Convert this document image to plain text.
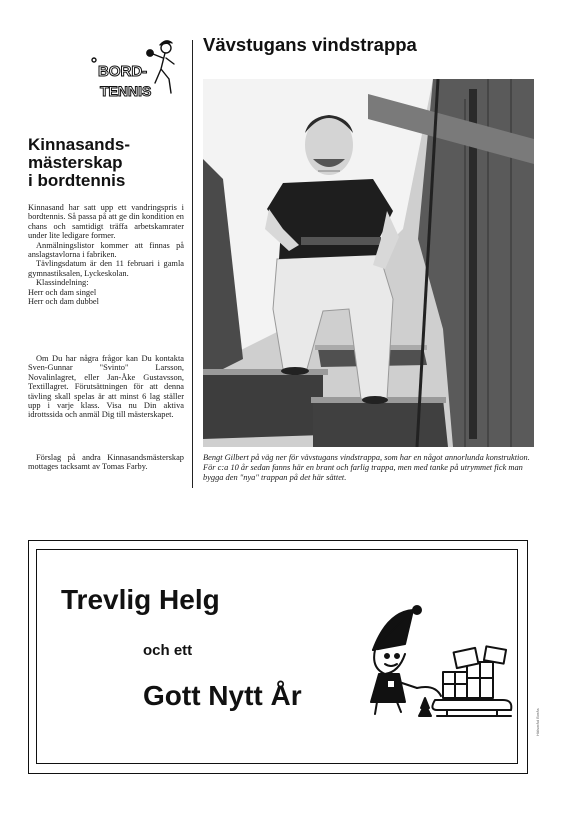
BORD-
TENNIS
Kinnasands-
mästerskap
i bordtennis

Kinnasand har satt upp ett vandringspris i bordtennis. Så passa på att ge din kondition en chans och samtidigt träffa arbetskamrater under lite ledigare former.

Anmälningslistor kommer att finnas på anslagstavlorna i fabriken.

Tävlingsdatum är den 11 februari i gamla gymnastiksalen, Lyckeskolan.

Klassindelning:

Herr och dam singel

Herr och dam dubbel

Om Du har några frågor kan Du kontakta Sven-Gunnar "Svinto" Larsson, Novalinlagret, eller Jan-Åke Gustavsson, Textillagret. Förutsättningen för att denna tävling skall spelas är att minst 6 lag ställer upp i varje klass. Visa nu Din aktiva idrottssida och anmäl Dig till mästerskapet.

Förslag på andra Kinnasandsmästerskap mottages tacksamt av Tomas Farby.

Vävstugans vindstrappa

Bengt Gilbert på väg ner för vävstugans vindstrappa, som har en något annorlunda konstruktion. För c:a 10 år sedan fanns här en brant och farlig trappa, men med tanke på utrymmet fick man bygga den "nya" trappan på det här sättet.

Trevlig Helg

och ett

Gott Nytt År

Hälsoråd Borås
